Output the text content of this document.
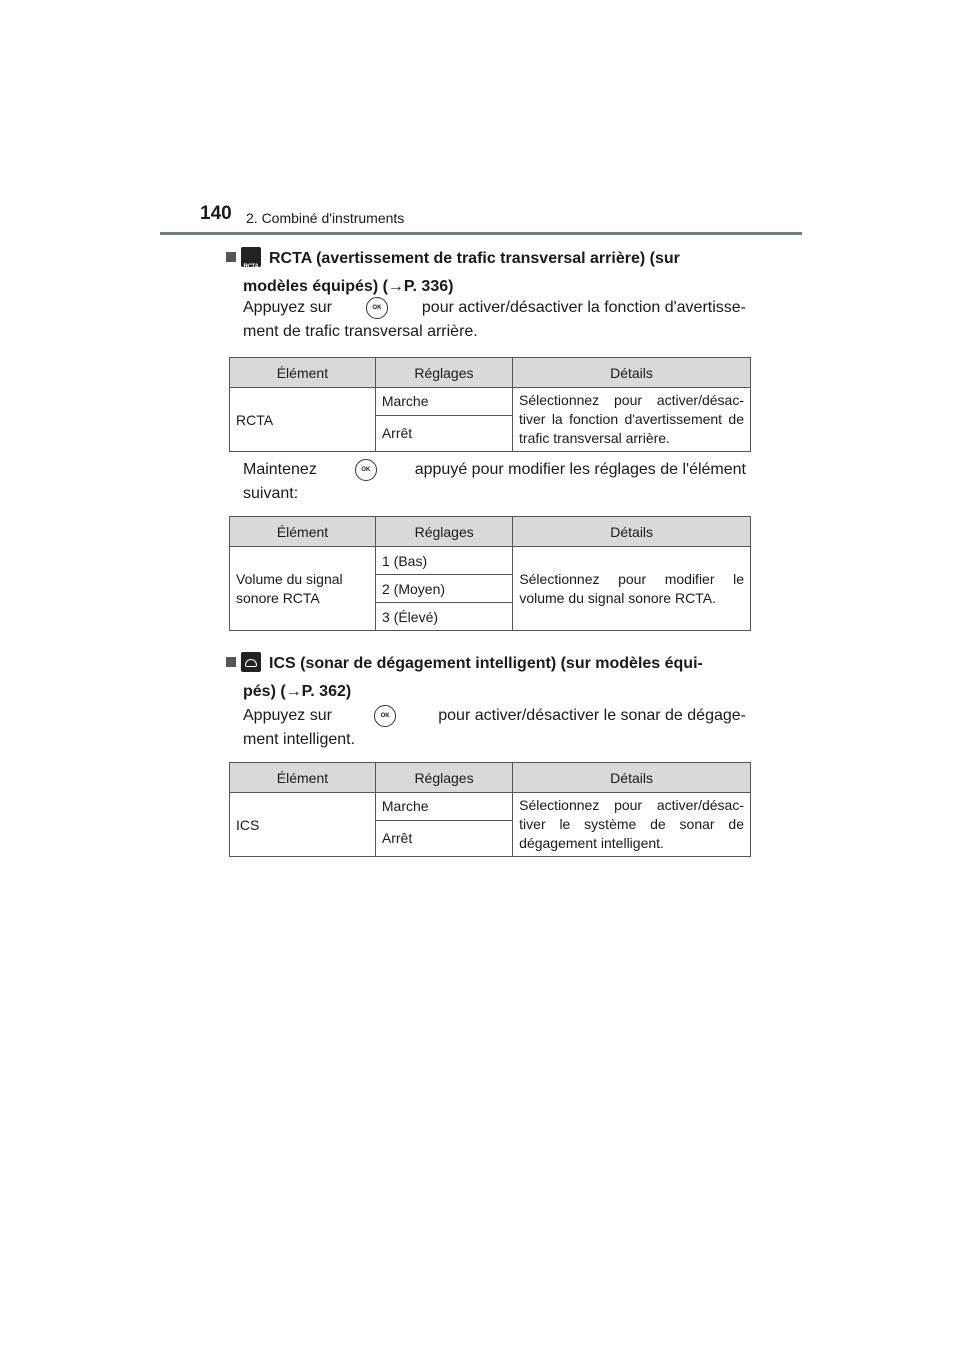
140 2. Combiné d'instruments
RCTARCTA (avertissement de trafic transversal arrière) (sur
modèles équipés) (→P. 336)
Appuyez sur	OK	pour activer/désactiver la fonction d'avertisse-
ment de trafic transversal arrière.
Élément	Réglages	Détails
RCTA	Marche	Sélectionnez pour activer/désac-tiver la fonction d'avertissement de trafic transversal arrière.
	Arrêt	
Maintenez	OK	appuyé pour modifier les réglages de l'élément
suivant:
Élément	Réglages	Détails
Volume du signal sonore RCTA	1 (Bas)	Sélectionnez pour modifier le volume du signal sonore RCTA.
	2 (Moyen)	
	3 (Élevé)	
ICS (sonar de dégagement intelligent) (sur modèles équi-
pés) (→P. 362)
Appuyez sur	OK	pour activer/désactiver le sonar de dégage-
ment intelligent.
Élément	Réglages	Détails
ICS	Marche	Sélectionnez pour activer/désac-tiver le système de sonar de dégagement intelligent.
	Arrêt	
